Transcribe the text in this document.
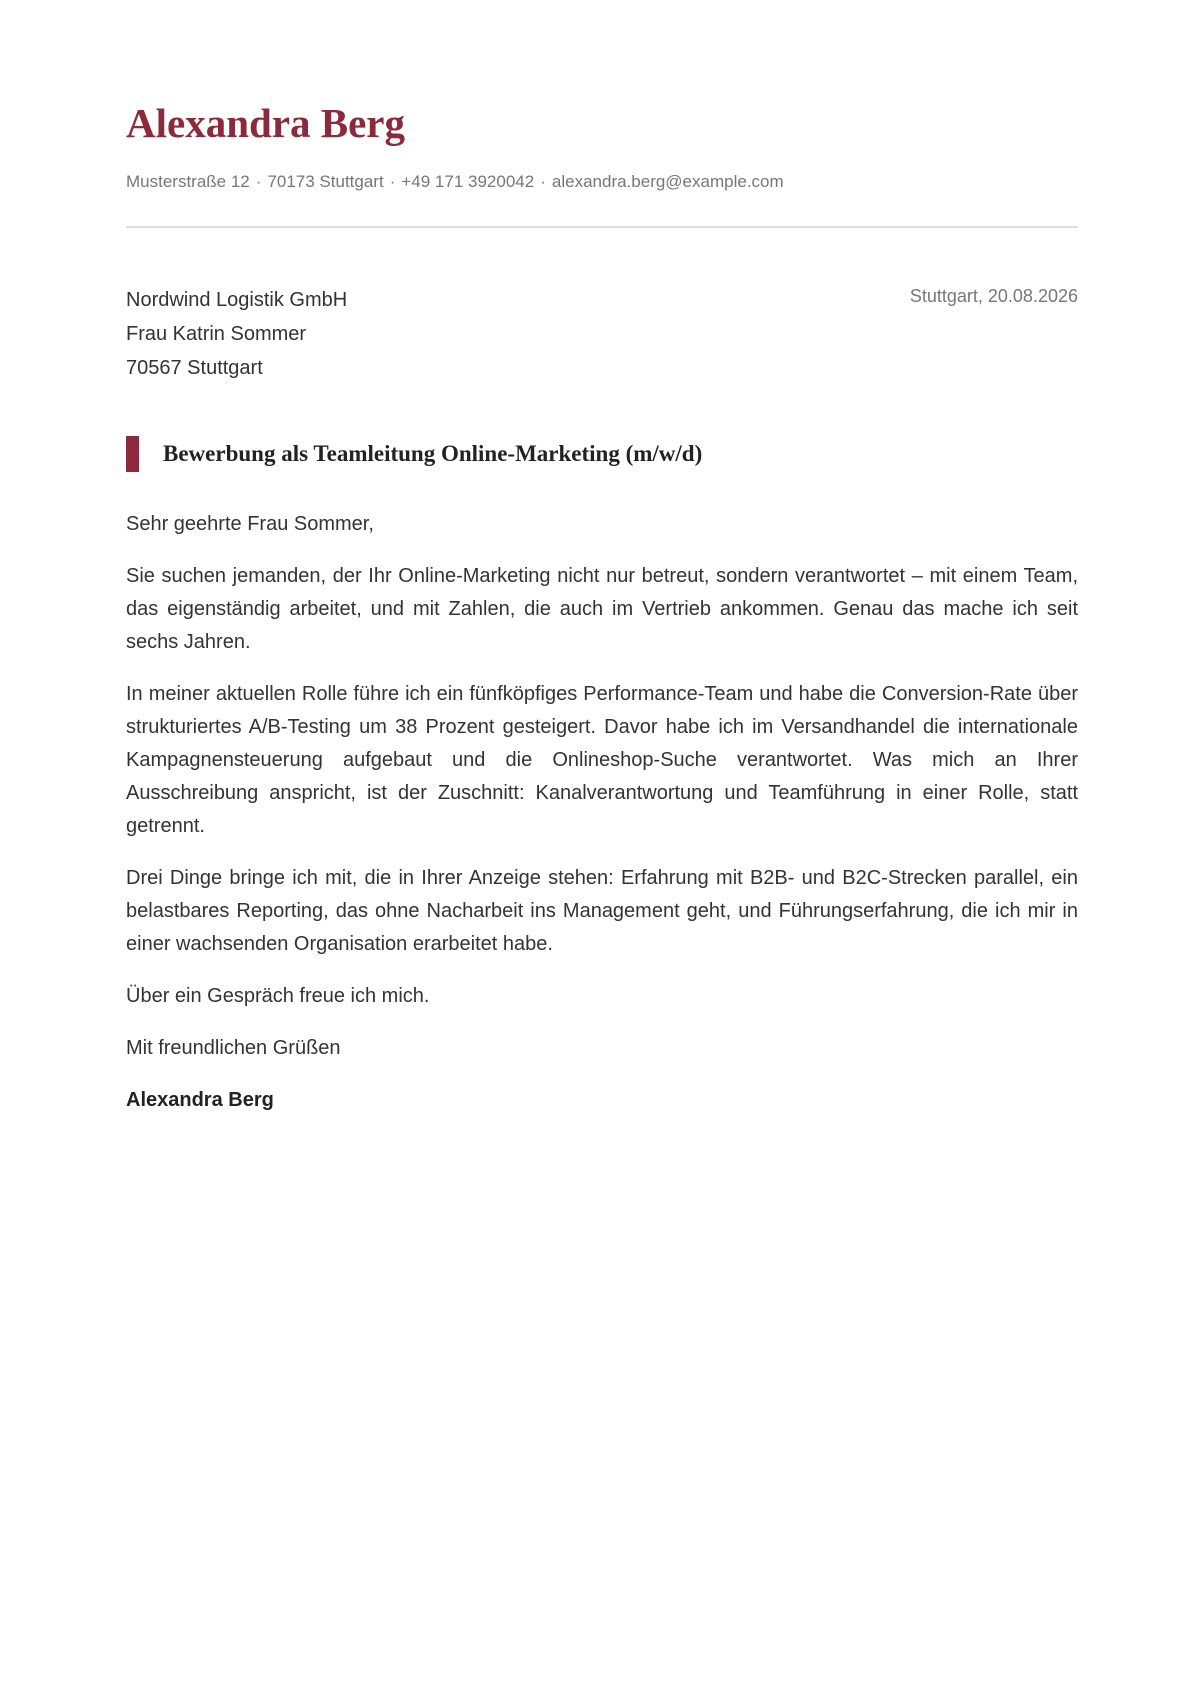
Alexandra Berg
Musterstraße 12 · 70173 Stuttgart · +49 171 3920042 · alexandra.berg@example.com
Nordwind Logistik GmbH
Frau Katrin Sommer
70567 Stuttgart
Stuttgart, 20.08.2026
Bewerbung als Teamleitung Online-Marketing (m/w/d)

Sehr geehrte Frau Sommer,

Sie suchen jemanden, der Ihr Online-Marketing nicht nur betreut, sondern verantwortet – mit einem Team, das eigenständig arbeitet, und mit Zahlen, die auch im Vertrieb ankommen. Genau das mache ich seit sechs Jahren.

In meiner aktuellen Rolle führe ich ein fünfköpfiges Performance-Team und habe die Conversion-Rate über strukturiertes A/B-Testing um 38 Prozent gesteigert. Davor habe ich im Versandhandel die internationale Kampagnensteuerung aufgebaut und die Onlineshop-Suche verantwortet. Was mich an Ihrer Ausschreibung anspricht, ist der Zuschnitt: Kanalverantwortung und Teamführung in einer Rolle, statt getrennt.

Drei Dinge bringe ich mit, die in Ihrer Anzeige stehen: Erfahrung mit B2B- und B2C-Strecken parallel, ein belastbares Reporting, das ohne Nacharbeit ins Management geht, und Führungserfahrung, die ich mir in einer wachsenden Organisation erarbeitet habe.

Über ein Gespräch freue ich mich.

Mit freundlichen Grüßen

Alexandra Berg
